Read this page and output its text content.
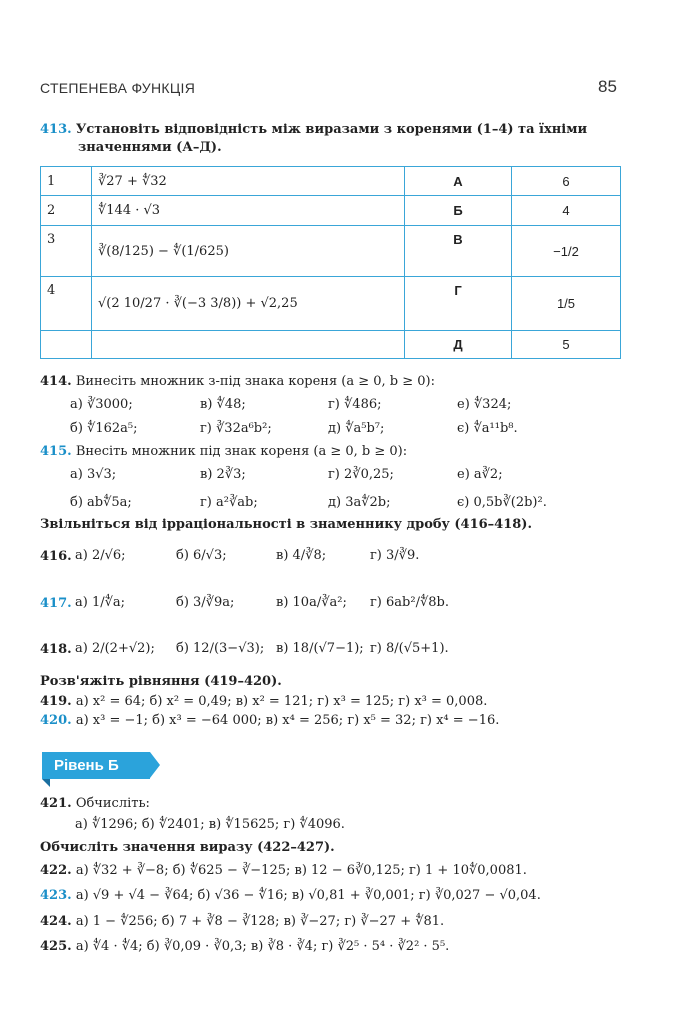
СТЕПЕНЕВА ФУНКЦІЯ	85
413. Установіть відповідність між виразами з коренями (1–4) та їхніми
значеннями (А–Д).
1	∛27 + ∜32	А	6
2	∜144 · √3	Б	4
3	∛(8/125) − ∜(1/625)	В	−1/2
4	√(2 10/27 · ∛(−3 3/8)) + √2,25	Г	1/5
		Д	5
414. Винесіть множник з-під знака кореня (a ≥ 0, b ≥ 0):
а) ∛3000;	в) ∜48;	г) ∜486;	е) ∜324;
б) ∜162a⁵;	г) ∛32a⁶b²;	д) ∜a⁵b⁷;	є) ∜a¹¹b⁸.
415. Внесіть множник під знак кореня (a ≥ 0, b ≥ 0):
а) 3√3;	в) 2∛3;	г) 2∛0,25;	е) a∛2;
б) ab∜5a;	г) a²∛ab;	д) 3a∜2b;	є) 0,5b∛(2b)².
Звільніться від ірраціональності в знаменнику дробу (416–418).
416. а) 2/√6;	б) 6/√3;	в) 4/∛8;	г) 3/∛9.
417. а) 1/∜a;	б) 3/∛9a;	в) 10a/∛a²; г) 6ab²/∜8b.
418. а) 2/(2+√2); б) 12/(3−√3); в) 18/(√7−1); г) 8/(√5+1).
Розв'яжіть рівняння (419–420).
419. а) x² = 64; б) x² = 0,49; в) x² = 121; г) x³ = 125; г) x³ = 0,008.
420. а) x³ = −1; б) x³ = −64 000; в) x⁴ = 256; г) x⁵ = 32; г) x⁴ = −16.
Рівень Б
421. Обчисліть:
а) ∜1296; б) ∜2401; в) ∜15625; г) ∜4096.
Обчисліть значення виразу (422–427).
422. а) ∜32 + ∛−8; б) ∜625 − ∛−125; в) 12 − 6∛0,125; г) 1 + 10∜0,0081.
423. а) √9 + √4 − ∛64; б) √36 − ∜16; в) √0,81 + ∛0,001; г) ∛0,027 − √0,04.
424. а) 1 − ∜256; б) 7 + ∛8 − ∛128; в) ∛−27; г) ∛−27 + ∜81.
425. а) ∜4 · ∜4; б) ∛0,09 · ∛0,3; в) ∛8 · ∛4; г) ∛2⁵ · 5⁴ · ∛2² · 5⁵.
